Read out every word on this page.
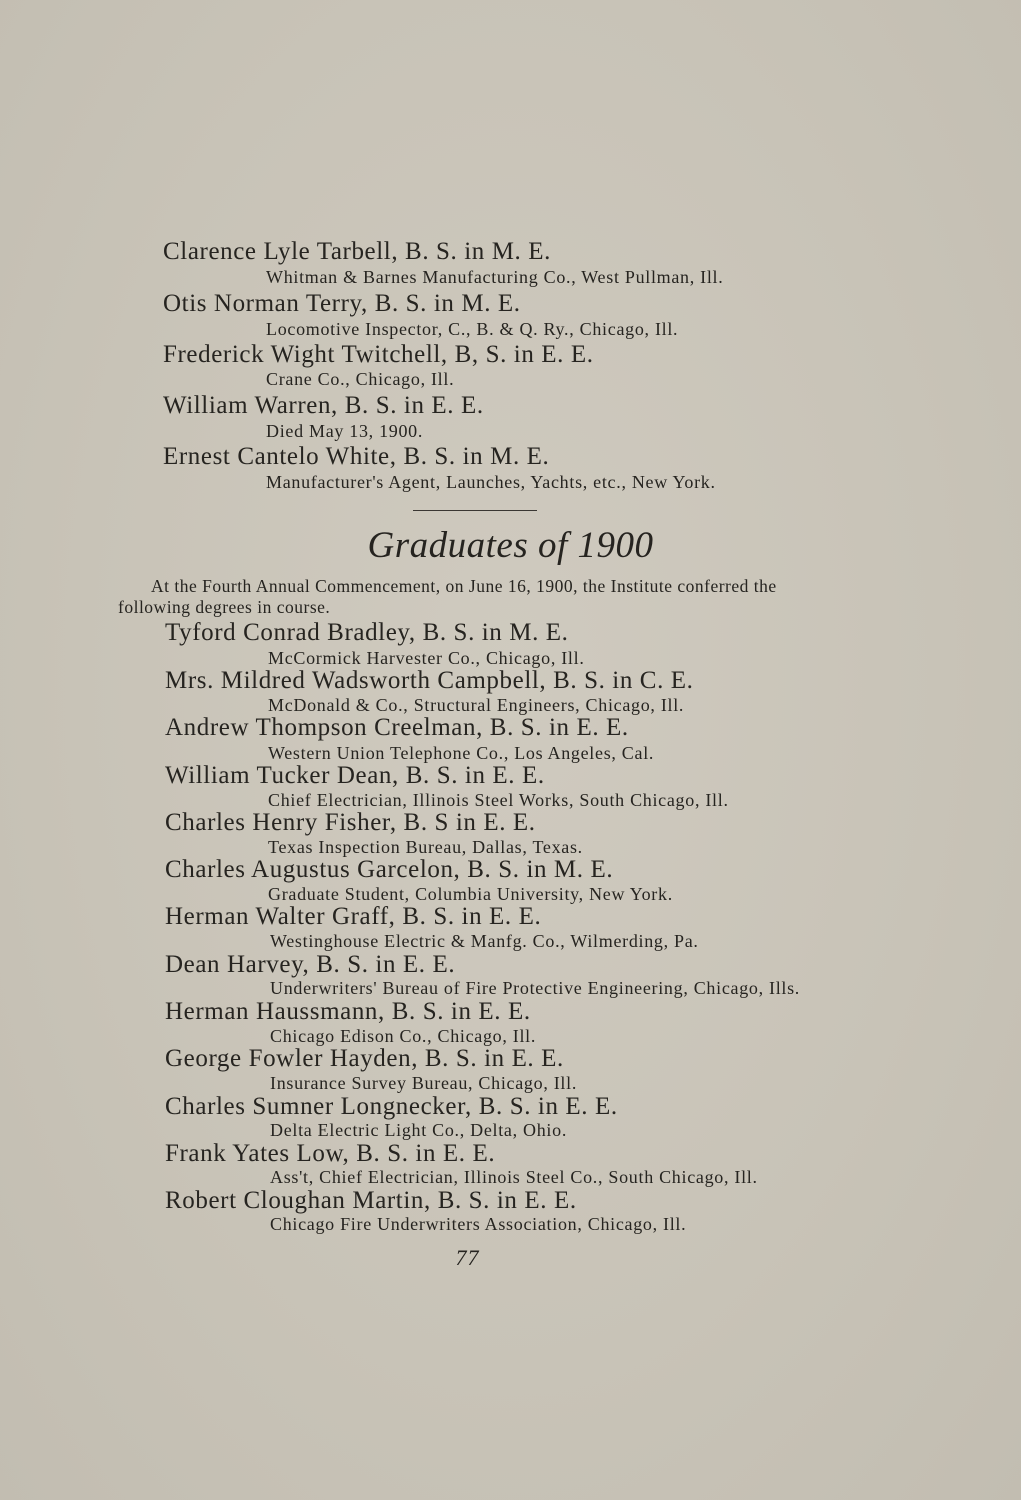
Clarence Lyle Tarbell, B. S. in M. E.
Whitman & Barnes Manufacturing Co., West Pullman, Ill.
Otis Norman Terry, B. S. in M. E.
Locomotive Inspector, C., B. & Q. Ry., Chicago, Ill.
Frederick Wight Twitchell, B, S. in E. E.
Crane Co., Chicago, Ill.
William Warren, B. S. in E. E.
Died May 13, 1900.
Ernest Cantelo White, B. S. in M. E.
Manufacturer's Agent, Launches, Yachts, etc., New York.
Graduates of 1900
At the Fourth Annual Commencement, on June 16, 1900, the Institute conferred the
following degrees in course.
Tyford Conrad Bradley, B. S. in M. E.
McCormick Harvester Co., Chicago, Ill.
Mrs. Mildred Wadsworth Campbell, B. S. in C. E.
McDonald & Co., Structural Engineers, Chicago, Ill.
Andrew Thompson Creelman, B. S. in E. E.
Western Union Telephone Co., Los Angeles, Cal.
William Tucker Dean, B. S. in E. E.
Chief Electrician, Illinois Steel Works, South Chicago, Ill.
Charles Henry Fisher, B. S in E. E.
Texas Inspection Bureau, Dallas, Texas.
Charles Augustus Garcelon, B. S. in M. E.
Graduate Student, Columbia University, New York.
Herman Walter Graff, B. S. in E. E.
Westinghouse Electric & Manfg. Co., Wilmerding, Pa.
Dean Harvey, B. S. in E. E.
Underwriters' Bureau of Fire Protective Engineering, Chicago, Ills.
Herman Haussmann, B. S. in E. E.
Chicago Edison Co., Chicago, Ill.
George Fowler Hayden, B. S. in E. E.
Insurance Survey Bureau, Chicago, Ill.
Charles Sumner Longnecker, B. S. in E. E.
Delta Electric Light Co., Delta, Ohio.
Frank Yates Low, B. S. in E. E.
Ass't, Chief Electrician, Illinois Steel Co., South Chicago, Ill.
Robert Cloughan Martin, B. S. in E. E.
Chicago Fire Underwriters Association, Chicago, Ill.
77
